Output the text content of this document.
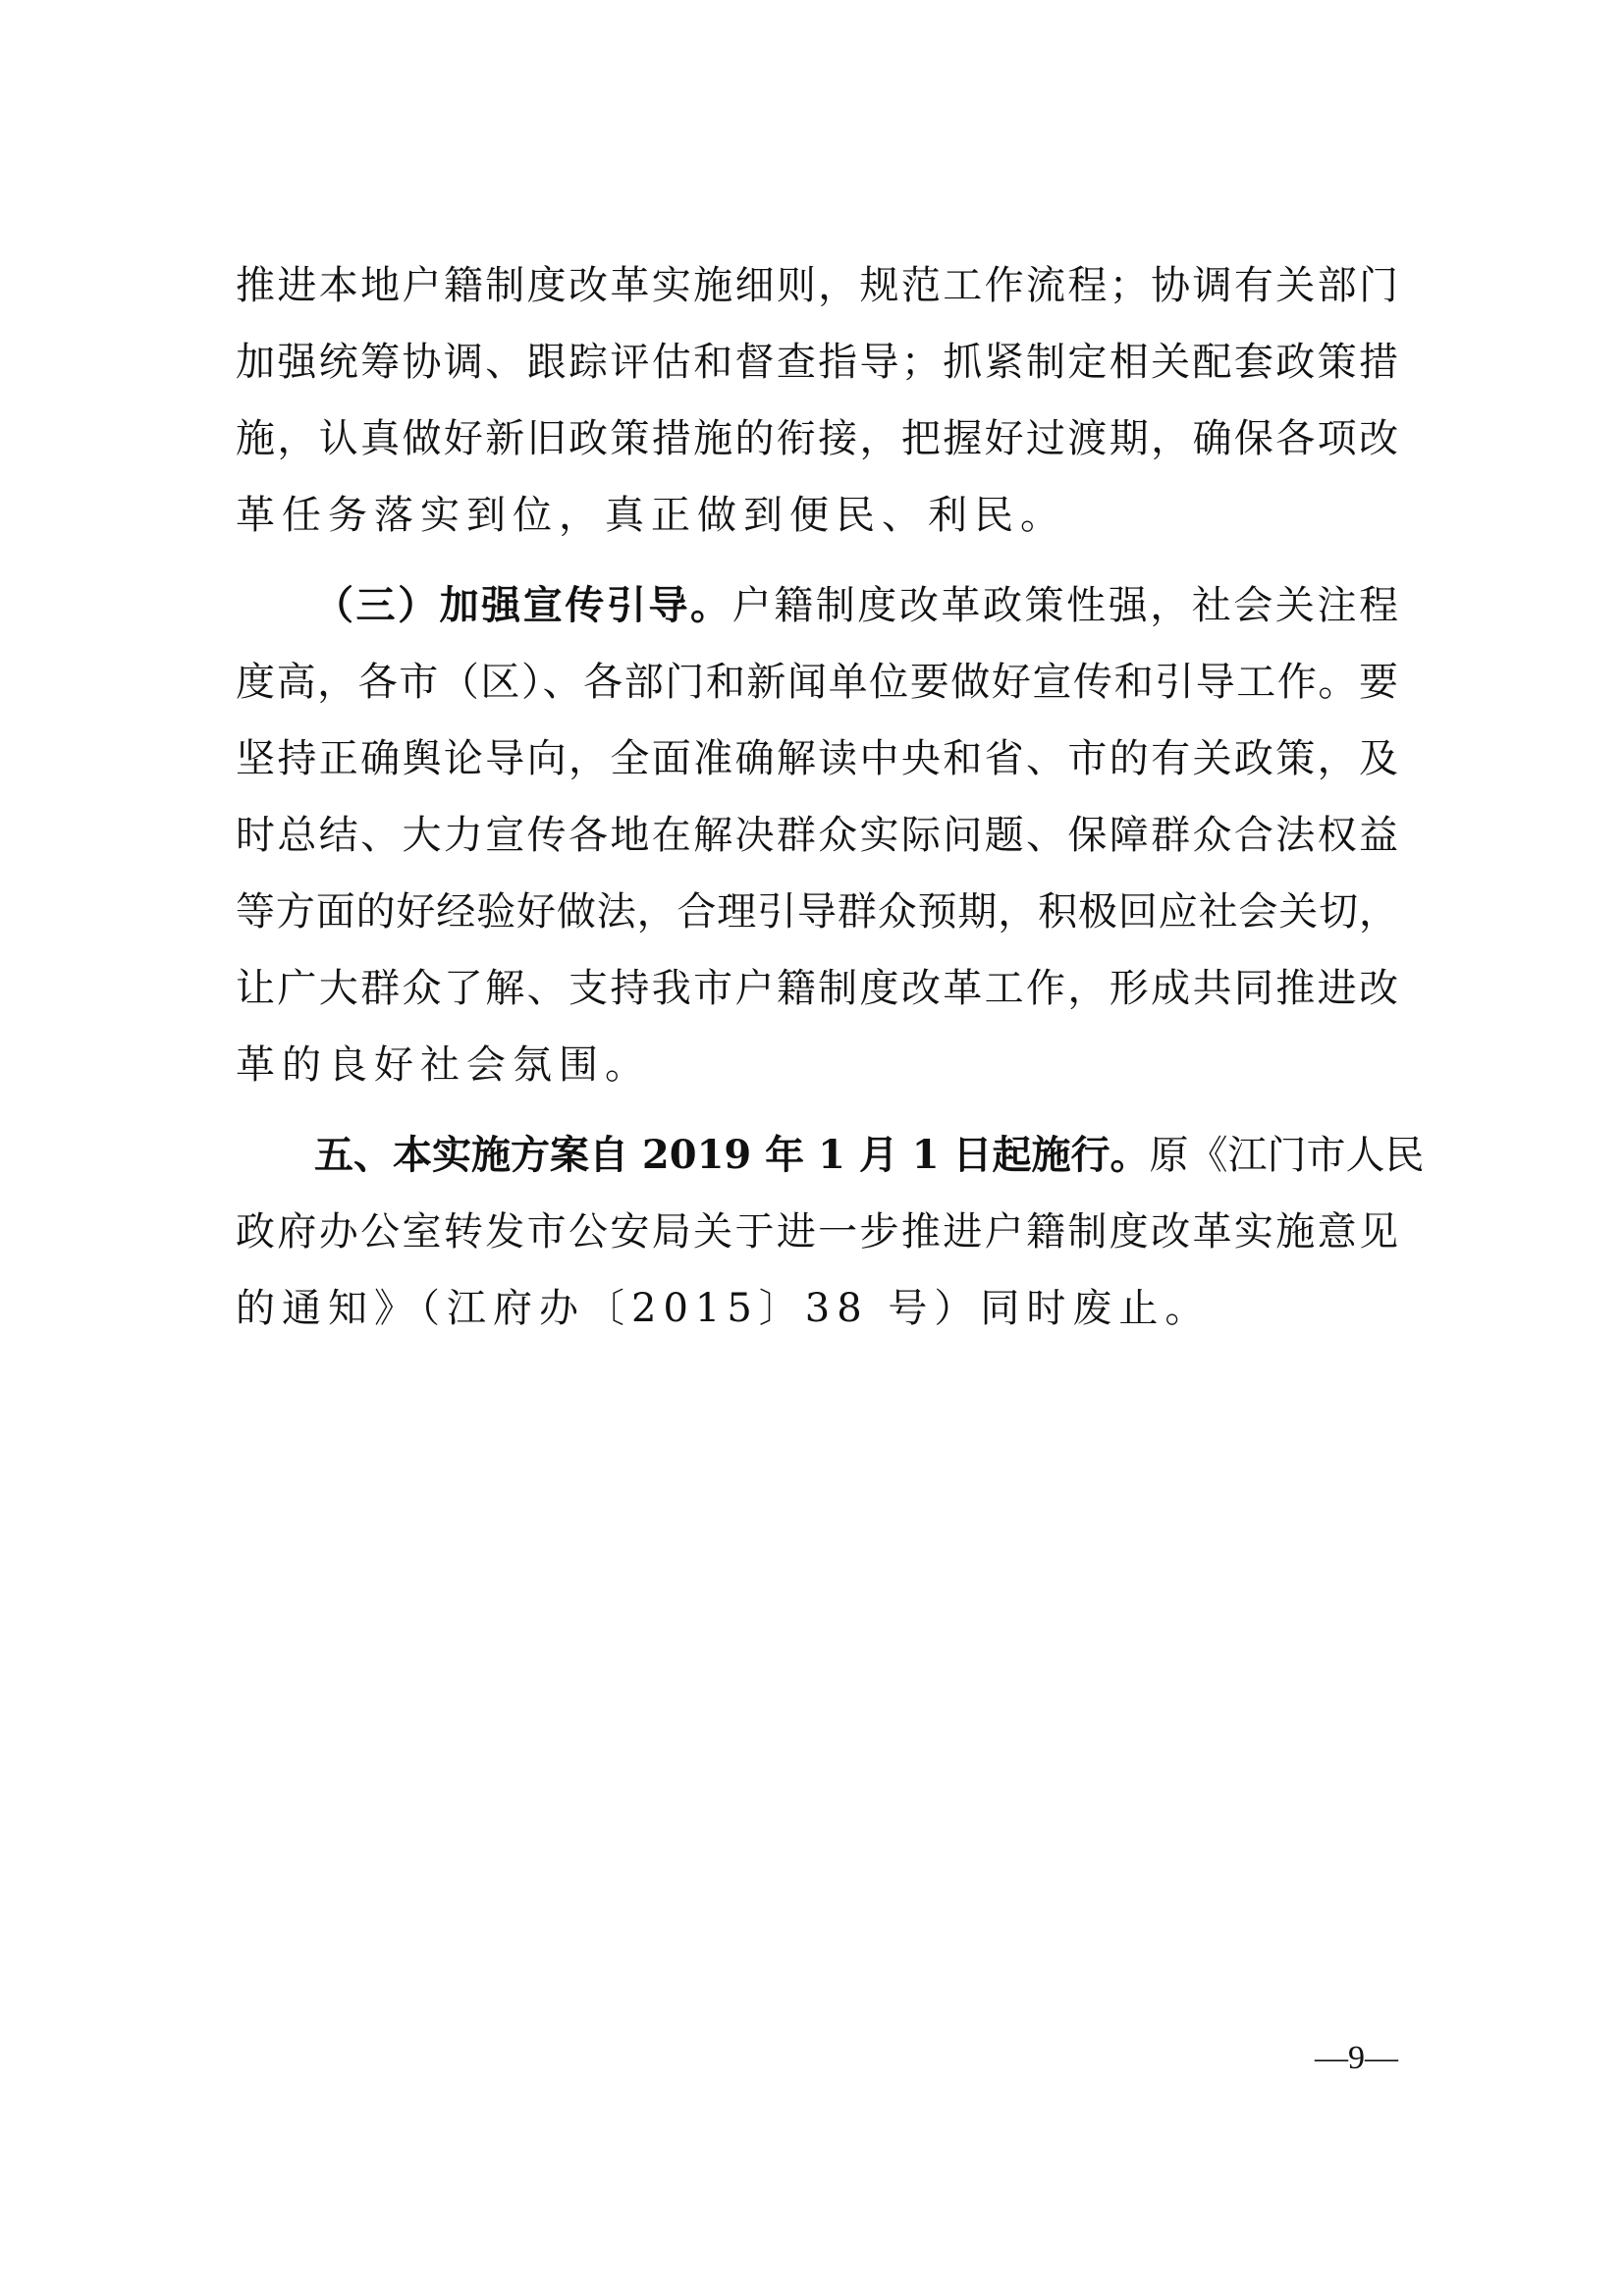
推进本地户籍制度改革实施细则，规范工作流程；协调有关部门
加强统筹协调、跟踪评估和督查指导；抓紧制定相关配套政策措
施，认真做好新旧政策措施的衔接，把握好过渡期，确保各项改
革任务落实到位，真正做到便民、利民。
（三）加强宣传引导。户籍制度改革政策性强，社会关注程
度高，各市（区）、各部门和新闻单位要做好宣传和引导工作。要
坚持正确舆论导向，全面准确解读中央和省、市的有关政策，及
时总结、大力宣传各地在解决群众实际问题、保障群众合法权益
等方面的好经验好做法，合理引导群众预期，积极回应社会关切，
让广大群众了解、支持我市户籍制度改革工作，形成共同推进改
革的良好社会氛围。
五、本实施方案自 2019 年 1 月 1 日起施行。原《江门市人民
政府办公室转发市公安局关于进一步推进户籍制度改革实施意见
的通知》（江府办〔2015〕38 号）同时废止。
—9—
